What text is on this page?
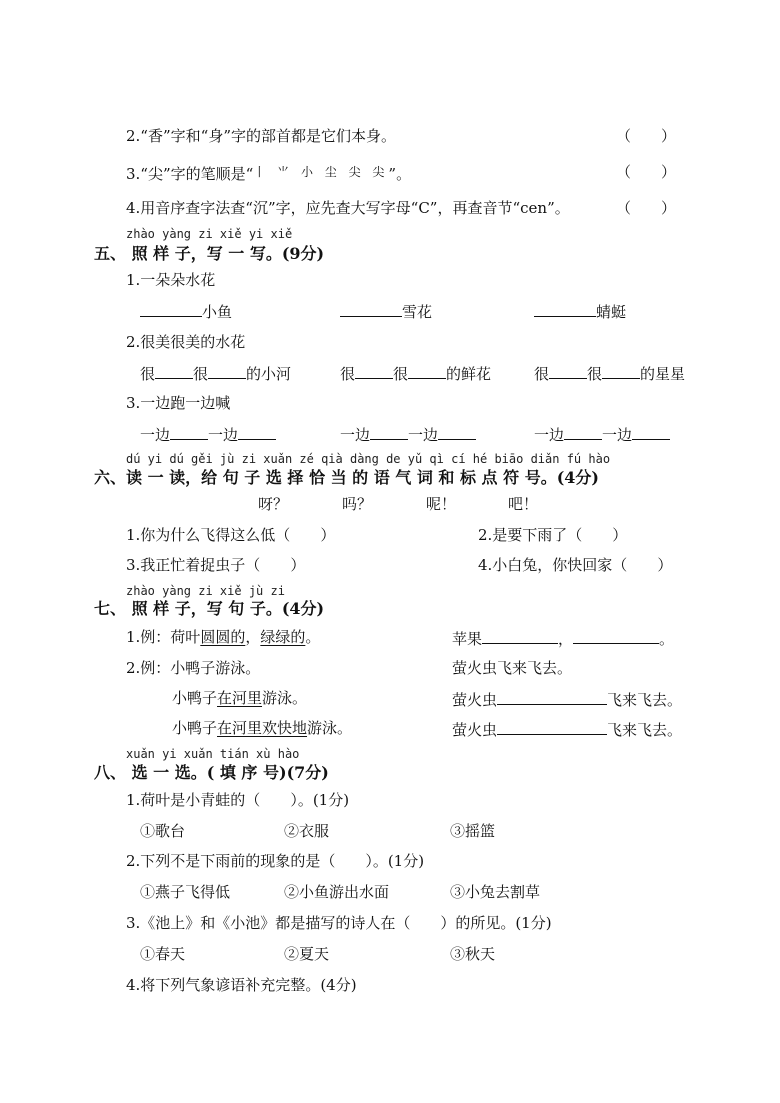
2.“香”字和“身”字的部首都是它们本身。	（　　）
3.“尖”字的笔顺是“$^{丨 ⺌ 小 尘 尖 尖}$”。	（　　）
4.用音序查字法查“沉”字，应先查大写字母“C”，再查音节“cen”。	（　　）
zhào yàng zi xiě yi xiě
五、 照 样 子，写 一 写。(9分)
1.一朵朵水花
小鱼	雪花	蜻蜓
2.很美很美的水花
很	很	的小河	很	很	的鲜花	很	很	的星星
3.一边跑一边喊
一边	一边	一边	一边	一边	一边
dú yi dú gěi jù zi xuǎn zé qià dàng de yǔ qì cí hé biāo diǎn fú hào
六、读 一 读，给 句 子 选 择 恰 当 的 语 气 词 和 标 点 符 号。(4分)
呀？	吗？	呢！	吧！
1.你为什么飞得这么低（　　）	2.是要下雨了（　　）
3.我正忙着捉虫子（　　）	4.小白兔，你快回家（　　）
zhào yàng zi xiě jù zi
七、 照 样 子，写 句 子。(4分)
1.例：荷叶圆圆的，绿绿的。	苹果	，	。
2.例：小鸭子游泳。	萤火虫飞来飞去。
小鸭子在河里游泳。	萤火虫	飞来飞去。
小鸭子在河里欢快地游泳。	萤火虫	飞来飞去。
xuǎn yi xuǎn tián xù hào
八、 选 一 选。( 填 序 号)(7分)
1.荷叶是小青蛙的（　　）。(1分)
①歌台	②衣服	③摇篮
2.下列不是下雨前的现象的是（　　）。(1分)
①燕子飞得低	②小鱼游出水面	③小兔去割草
3.《池上》和《小池》都是描写的诗人在（　　）的所见。(1分)
①春天	②夏天	③秋天
4.将下列气象谚语补充完整。(4分)
